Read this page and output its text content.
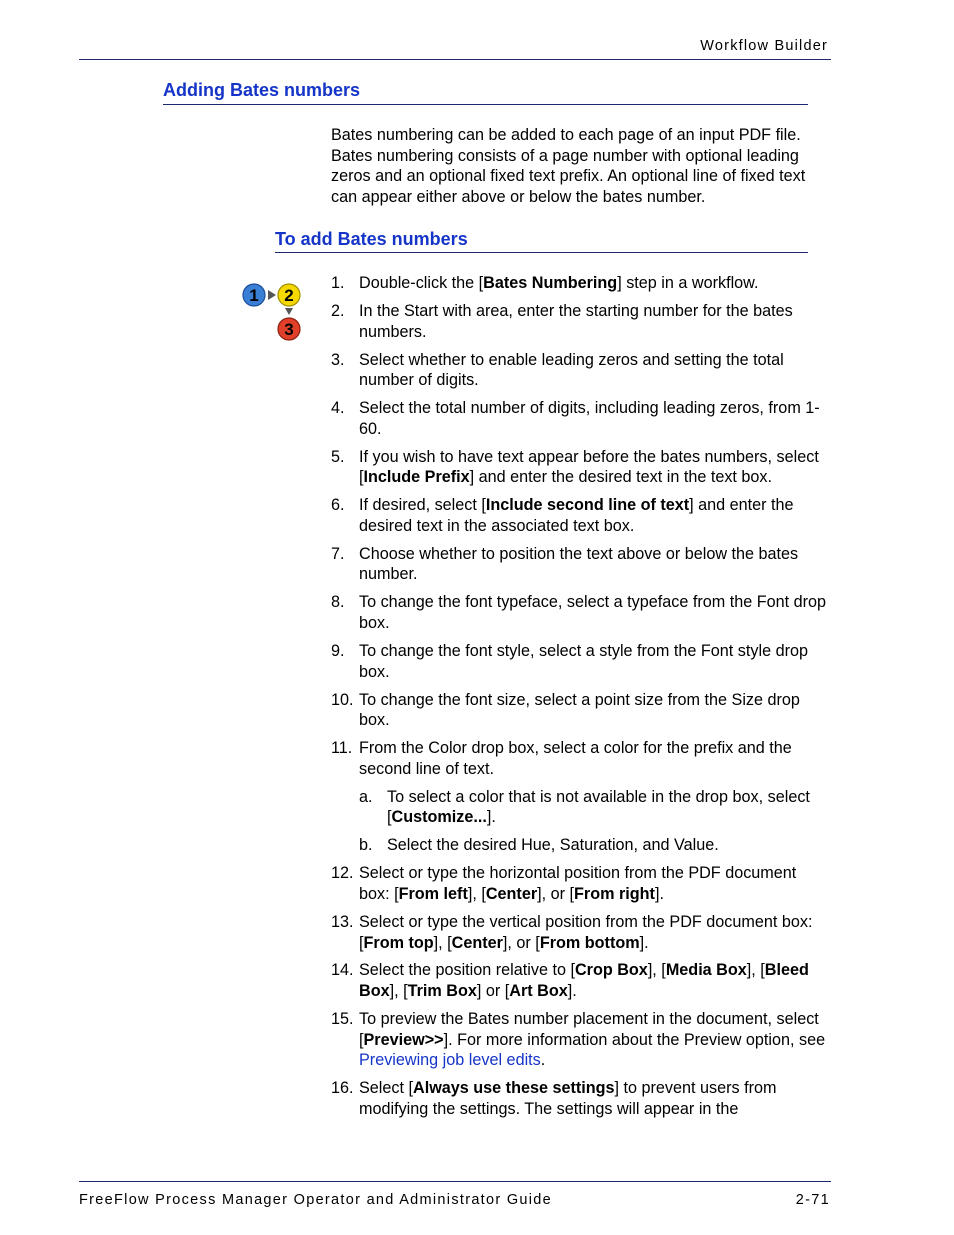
Workflow Builder
Adding Bates numbers
Bates numbering can be added to each page of an input PDF file. Bates numbering consists of a page number with optional leading zeros and an optional fixed text prefix. An optional line of fixed text can appear either above or below the bates number.
To add Bates numbers
1 2
3
1. Double-click the [Bates Numbering] step in a workflow.
2. In the Start with area, enter the starting number for the bates numbers.
3. Select whether to enable leading zeros and setting the total number of digits.
4. Select the total number of digits, including leading zeros, from 1-60.
5. If you wish to have text appear before the bates numbers, select [Include Prefix] and enter the desired text in the text box.
6. If desired, select [Include second line of text] and enter the desired text in the associated text box.
7. Choose whether to position the text above or below the bates number.
8. To change the font typeface, select a typeface from the Font drop box.
9. To change the font style, select a style from the Font style drop box.
10. To change the font size, select a point size from the Size drop box.
11. From the Color drop box, select a color for the prefix and the second line of text.
a. To select a color that is not available in the drop box, select [Customize...].
b. Select the desired Hue, Saturation, and Value.
12. Select or type the horizontal position from the PDF document box: [From left], [Center], or [From right].
13. Select or type the vertical position from the PDF document box: [From top], [Center], or [From bottom].
14. Select the position relative to [Crop Box], [Media Box], [Bleed Box], [Trim Box] or [Art Box].
15. To preview the Bates number placement in the document, select [Preview>>]. For more information about the Preview option, see Previewing job level edits.
16. Select [Always use these settings] to prevent users from modifying the settings. The settings will appear in the
FreeFlow Process Manager Operator and Administrator Guide	2-71
